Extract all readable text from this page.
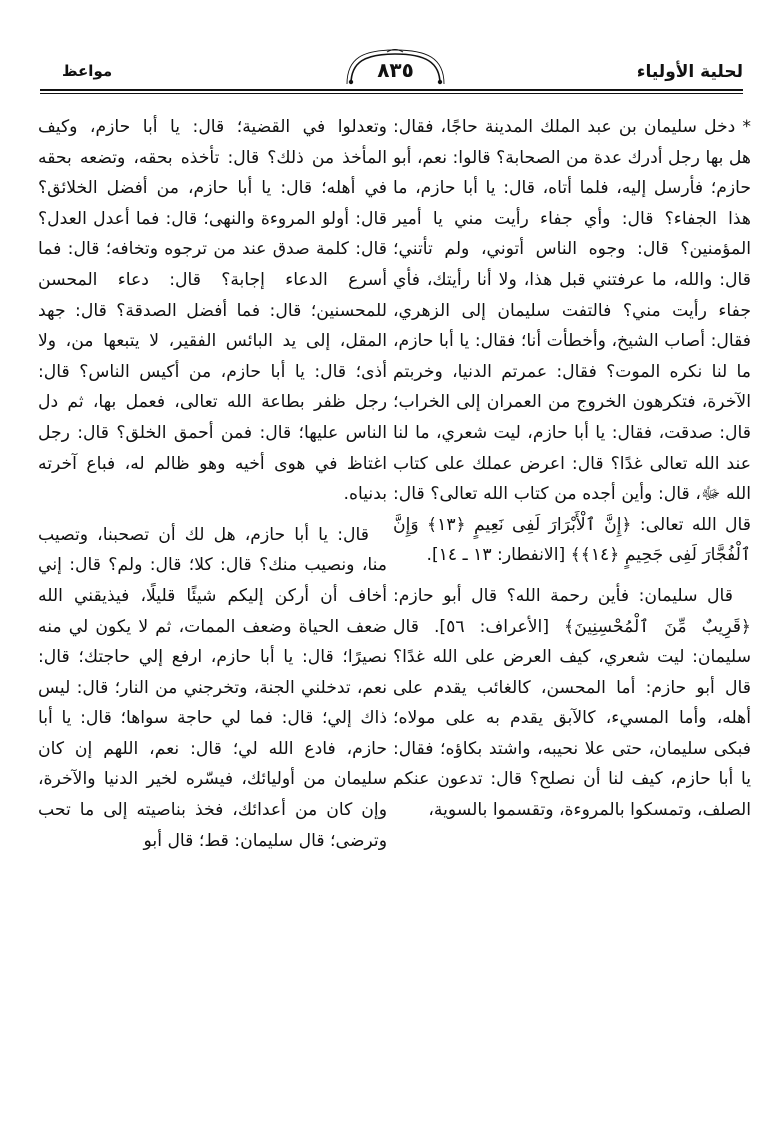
لحلية الأولياء
٨٣٥
مواعظ

* دخل سليمان بن عبد الملك المدينة حاجًا، فقال: هل بها رجل أدرك عدة من الصحابة؟ قالوا: نعم، أبو حازم؛ فأرسل إليه، فلما أتاه، قال: يا أبا حازم، ما هذا الجفاء؟ قال: وأي جفاء رأيت مني يا أمير المؤمنين؟ قال: وجوه الناس أتوني، ولم تأتني؛ قال: والله، ما عرفتني قبل هذا، ولا أنا رأيتك، فأي جفاء رأيت مني؟ فالتفت سليمان إلى الزهري، فقال: أصاب الشيخ، وأخطأت أنا؛ فقال: يا أبا حازم، ما لنا نكره الموت؟ فقال: عمرتم الدنيا، وخربتم الآخرة، فتكرهون الخروج من العمران إلى الخراب؛ قال: صدقت، فقال: يا أبا حازم، ليت شعري، ما لنا عند الله تعالى غدًا؟ قال: اعرض عملك على كتاب الله ﷻ، قال: وأين أجده من كتاب الله تعالى؟ قال: قال الله تعالى: ﴿إِنَّ ٱلْأَبْرَارَ لَفِى نَعِيمٍ ﴿١٣﴾ وَإِنَّ ٱلْفُجَّارَ لَفِى جَحِيمٍ ﴿١٤﴾﴾ [الانفطار: ١٣ ـ ١٤].

قال سليمان: فأين رحمة الله؟ قال أبو حازم: ﴿قَرِيبٌ مِّنَ ٱلْمُحْسِنِينَ﴾ [الأعراف: ٥٦]. قال سليمان: ليت شعري، كيف العرض على الله غدًا؟ قال أبو حازم: أما المحسن، كالغائب يقدم على أهله، وأما المسيء، كالآبق يقدم به على مولاه؛ فبكى سليمان، حتى علا نحيبه، واشتد بكاؤه؛ فقال: يا أبا حازم، كيف لنا أن نصلح؟ قال: تدعون عنكم الصلف، وتمسكوا بالمروءة، وتقسموا بالسوية،

وتعدلوا في القضية؛ قال: يا أبا حازم، وكيف المأخذ من ذلك؟ قال: تأخذه بحقه، وتضعه بحقه في أهله؛ قال: يا أبا حازم، من أفضل الخلائق؟ قال: أولو المروءة والنهى؛ قال: فما أعدل العدل؟ قال: كلمة صدق عند من ترجوه وتخافه؛ قال: فما أسرع الدعاء إجابة؟ قال: دعاء المحسن للمحسنين؛ قال: فما أفضل الصدقة؟ قال: جهد المقل، إلى يد البائس الفقير، لا يتبعها من، ولا أذى؛ قال: يا أبا حازم، من أكيس الناس؟ قال: رجل ظفر بطاعة الله تعالى، فعمل بها، ثم دل الناس عليها؛ قال: فمن أحمق الخلق؟ قال: رجل اغتاظ في هوى أخيه وهو ظالم له، فباع آخرته بدنياه.

قال: يا أبا حازم، هل لك أن تصحبنا، وتصيب منا، ونصيب منك؟ قال: كلا؛ قال: ولم؟ قال: إني أخاف أن أركن إليكم شيئًا قليلًا، فيذيقني الله ضعف الحياة وضعف الممات، ثم لا يكون لي منه نصيرًا؛ قال: يا أبا حازم، ارفع إلي حاجتك؛ قال: نعم، تدخلني الجنة، وتخرجني من النار؛ قال: ليس ذاك إلي؛ قال: فما لي حاجة سواها؛ قال: يا أبا حازم، فادع الله لي؛ قال: نعم، اللهم إن كان سليمان من أوليائك، فيسّره لخير الدنيا والآخرة، وإن كان من أعدائك، فخذ بناصيته إلى ما تحب وترضى؛ قال سليمان: قط؛ قال أبو
